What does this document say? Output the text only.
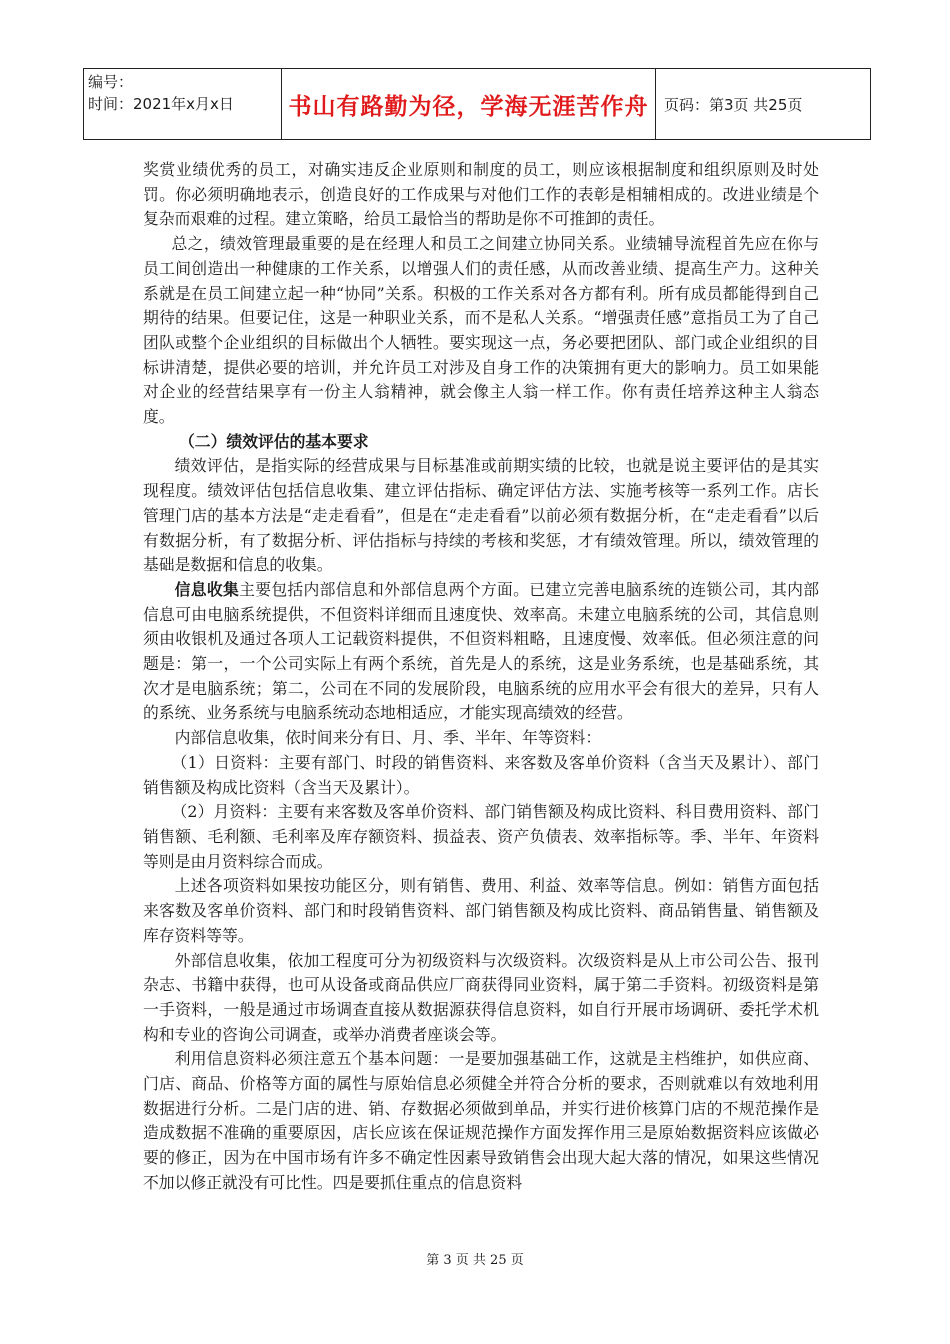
编号：
时间：2021年x月x日	书山有路勤为径，学海无涯苦作舟	页码：第3页 共25页

奖赏业绩优秀的员工，对确实违反企业原则和制度的员工，则应该根据制度和组织原则及时处罚。你必须明确地表示，创造良好的工作成果与对他们工作的表彰是相辅相成的。改进业绩是个复杂而艰难的过程。建立策略，给员工最恰当的帮助是你不可推卸的责任。

总之，绩效管理最重要的是在经理人和员工之间建立协同关系。业绩辅导流程首先应在你与员工间创造出一种健康的工作关系，以增强人们的责任感，从而改善业绩、提高生产力。这种关系就是在员工间建立起一种“协同”关系。积极的工作关系对各方都有利。所有成员都能得到自己期待的结果。但要记住，这是一种职业关系，而不是私人关系。“增强责任感”意指员工为了自己团队或整个企业组织的目标做出个人牺牲。要实现这一点，务必要把团队、部门或企业组织的目标讲清楚，提供必要的培训，并允许员工对涉及自身工作的决策拥有更大的影响力。员工如果能对企业的经营结果享有一份主人翁精神，就会像主人翁一样工作。你有责任培养这种主人翁态度。

（二）绩效评估的基本要求

绩效评估，是指实际的经营成果与目标基准或前期实绩的比较，也就是说主要评估的是其实现程度。绩效评估包括信息收集、建立评估指标、确定评估方法、实施考核等一系列工作。店长管理门店的基本方法是“走走看看”，但是在“走走看看”以前必须有数据分析，在“走走看看”以后有数据分析，有了数据分析、评估指标与持续的考核和奖惩，才有绩效管理。所以，绩效管理的基础是数据和信息的收集。

信息收集主要包括内部信息和外部信息两个方面。已建立完善电脑系统的连锁公司，其内部信息可由电脑系统提供，不但资料详细而且速度快、效率高。未建立电脑系统的公司，其信息则须由收银机及通过各项人工记载资料提供，不但资料粗略，且速度慢、效率低。但必须注意的问题是：第一，一个公司实际上有两个系统，首先是人的系统，这是业务系统，也是基础系统，其次才是电脑系统；第二，公司在不同的发展阶段，电脑系统的应用水平会有很大的差异，只有人的系统、业务系统与电脑系统动态地相适应，才能实现高绩效的经营。

内部信息收集，依时间来分有日、月、季、半年、年等资料：

（1）日资料：主要有部门、时段的销售资料、来客数及客单价资料（含当天及累计）、部门销售额及构成比资料（含当天及累计）。

（2）月资料：主要有来客数及客单价资料、部门销售额及构成比资料、科目费用资料、部门销售额、毛利额、毛利率及库存额资料、损益表、资产负债表、效率指标等。季、半年、年资料等则是由月资料综合而成。

上述各项资料如果按功能区分，则有销售、费用、利益、效率等信息。例如：销售方面包括来客数及客单价资料、部门和时段销售资料、部门销售额及构成比资料、商品销售量、销售额及库存资料等等。

外部信息收集，依加工程度可分为初级资料与次级资料。次级资料是从上市公司公告、报刊杂志、书籍中获得，也可从设备或商品供应厂商获得同业资料，属于第二手资料。初级资料是第一手资料，一般是通过市场调查直接从数据源获得信息资料，如自行开展市场调研、委托学术机构和专业的咨询公司调查，或举办消费者座谈会等。

利用信息资料必须注意五个基本问题：一是要加强基础工作，这就是主档维护，如供应商、门店、商品、价格等方面的属性与原始信息必须健全并符合分析的要求，否则就难以有效地利用数据进行分析。二是门店的进、销、存数据必须做到单品，并实行进价核算门店的不规范操作是造成数据不准确的重要原因，店长应该在保证规范操作方面发挥作用三是原始数据资料应该做必要的修正，因为在中国市场有许多不确定性因素导致销售会出现大起大落的情况，如果这些情况不加以修正就没有可比性。四是要抓住重点的信息资料

第 3 页 共 25 页
